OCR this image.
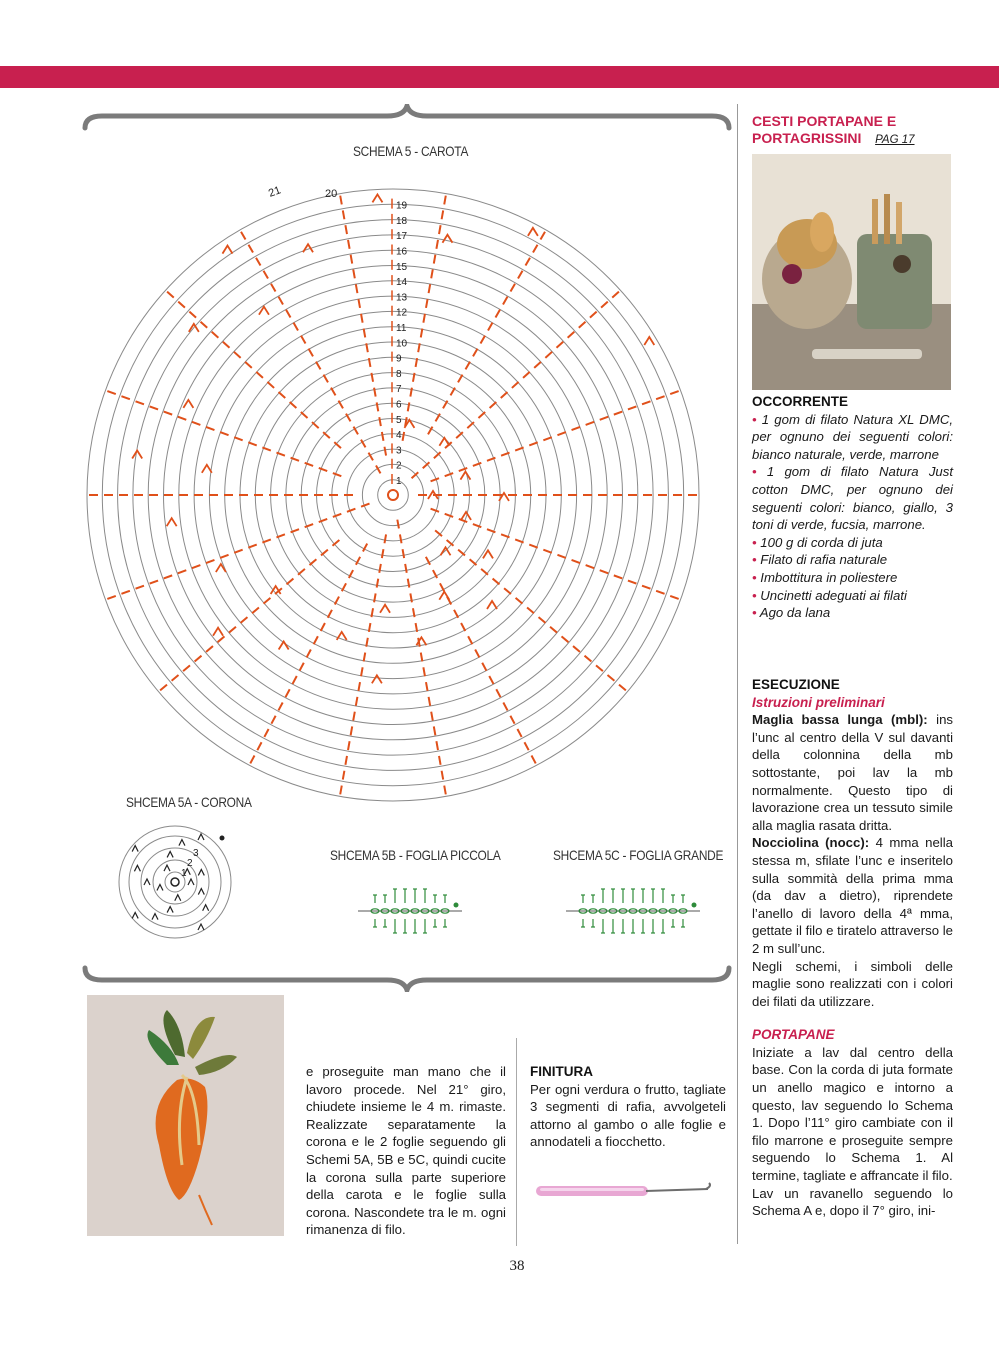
SCHEMA 5 - CAROTA
1
2
3
4
5
6
7
8
9
10
11
12
13
14
15
16
17
18
19
20
21
SHCEMA 5A - CORONA
1
2
3	SHCEMA 5B - FOGLIA PICCOLA	SHCEMA 5C - FOGLIA GRANDE
CESTI PORTAPANE E
PORTAGRISSINI PAG 17
OCCORRENTE
• 1 gom di filato Natura XL DMC, per ognuno dei seguenti colori: bianco naturale, verde, marrone
• 1 gom di filato Natura Just cotton DMC, per ognuno dei seguenti colori: bianco, giallo, 3 toni di verde, fucsia, marrone.
• 100 g di corda di juta
• Filato di rafia naturale
• Imbottitura in poliestere
• Uncinetti adeguati ai filati
• Ago da lana
ESECUZIONE
Istruzioni preliminari
Maglia bassa lunga (mbl): ins l’unc al centro della V sul davanti della colonnina della mb sottostante, poi lav la mb normalmente. Questo tipo di lavorazione crea un tessuto simile alla maglia rasata dritta.
Nocciolina (nocc): 4 mma nella stessa m, sfilate l’unc e inseritelo sulla sommità della prima mma (da dav a dietro), riprendete l’anello di lavoro della 4ª mma, gettate il filo e tiratelo attraverso le 2 m sull’unc.
Negli schemi, i simboli delle maglie sono realizzati con i colori dei filati da utilizzare.
PORTAPANE
Iniziate a lav dal centro della base. Con la corda di juta formate un anello magico e intorno a questo, lav seguendo lo Schema 1. Dopo l’11° giro cambiate con il filo marrone e proseguite sempre seguendo lo Schema 1. Al termine, tagliate e affrancate il filo.
Lav un ravanello seguendo lo Schema A e, dopo il 7° giro, ini-
e proseguite man mano che il lavoro procede. Nel 21° giro, chiudete insieme le 4 m. rimaste. Realizzate separatamente la corona e le 2 foglie seguendo gli Schemi 5A, 5B e 5C, quindi cucite la corona sulla parte superiore della carota e le foglie sulla corona. Nascondete tra le m. ogni rimanenza di filo.
FINITURA
Per ogni verdura o frutto, tagliate 3 segmenti di rafia, avvolgeteli attorno al gambo o alle foglie e annodateli a fiocchetto.
38
